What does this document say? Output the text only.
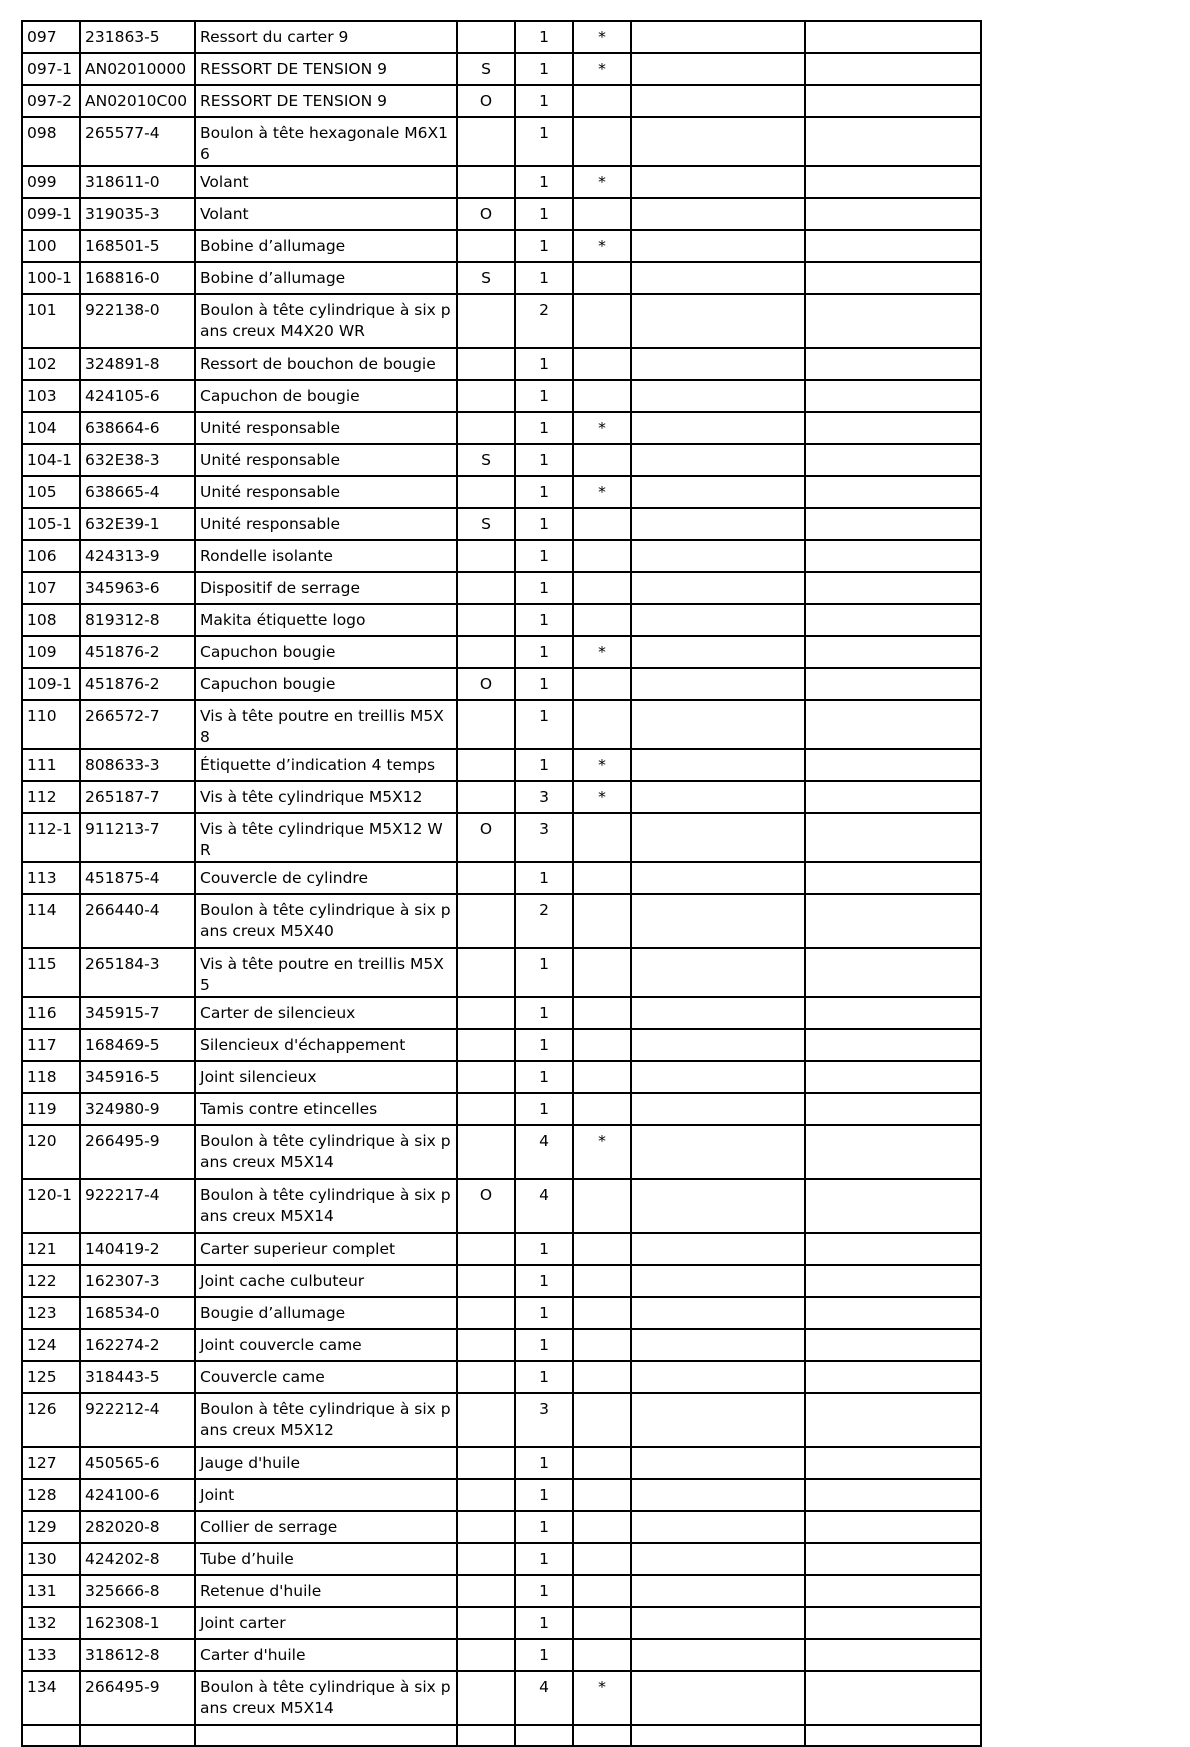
097	231863-5	Ressort du carter 9		1	*		
097-1	AN02010000	RESSORT DE TENSION 9	S	1	*		
097-2	AN02010C00	RESSORT DE TENSION 9	O	1			
098	265577-4	Boulon à tête hexagonale M6X16		1			
099	318611-0	Volant		1	*		
099-1	319035-3	Volant	O	1			
100	168501-5	Bobine d’allumage		1	*		
100-1	168816-0	Bobine d’allumage	S	1			
101	922138-0	Boulon à tête cylindrique à six pans creux M4X20 WR		2			
102	324891-8	Ressort de bouchon de bougie		1			
103	424105-6	Capuchon de bougie		1			
104	638664-6	Unité responsable		1	*		
104-1	632E38-3	Unité responsable	S	1			
105	638665-4	Unité responsable		1	*		
105-1	632E39-1	Unité responsable	S	1			
106	424313-9	Rondelle isolante		1			
107	345963-6	Dispositif de serrage		1			
108	819312-8	Makita étiquette logo		1			
109	451876-2	Capuchon bougie		1	*		
109-1	451876-2	Capuchon bougie	O	1			
110	266572-7	Vis à tête poutre en treillis M5X8		1			
111	808633-3	Étiquette d’indication 4 temps		1	*		
112	265187-7	Vis à tête cylindrique M5X12		3	*		
112-1	911213-7	Vis à tête cylindrique M5X12 WR	O	3			
113	451875-4	Couvercle de cylindre		1			
114	266440-4	Boulon à tête cylindrique à six pans creux M5X40		2			
115	265184-3	Vis à tête poutre en treillis M5X5		1			
116	345915-7	Carter de silencieux		1			
117	168469-5	Silencieux d'échappement		1			
118	345916-5	Joint silencieux		1			
119	324980-9	Tamis contre etincelles		1			
120	266495-9	Boulon à tête cylindrique à six pans creux M5X14		4	*		
120-1	922217-4	Boulon à tête cylindrique à six pans creux M5X14	O	4			
121	140419-2	Carter superieur complet		1			
122	162307-3	Joint cache culbuteur		1			
123	168534-0	Bougie d’allumage		1			
124	162274-2	Joint couvercle came		1			
125	318443-5	Couvercle came		1			
126	922212-4	Boulon à tête cylindrique à six pans creux M5X12		3			
127	450565-6	Jauge d'huile		1			
128	424100-6	Joint		1			
129	282020-8	Collier de serrage		1			
130	424202-8	Tube d’huile		1			
131	325666-8	Retenue d'huile		1			
132	162308-1	Joint carter		1			
133	318612-8	Carter d'huile		1			
134	266495-9	Boulon à tête cylindrique à six pans creux M5X14		4	*		
